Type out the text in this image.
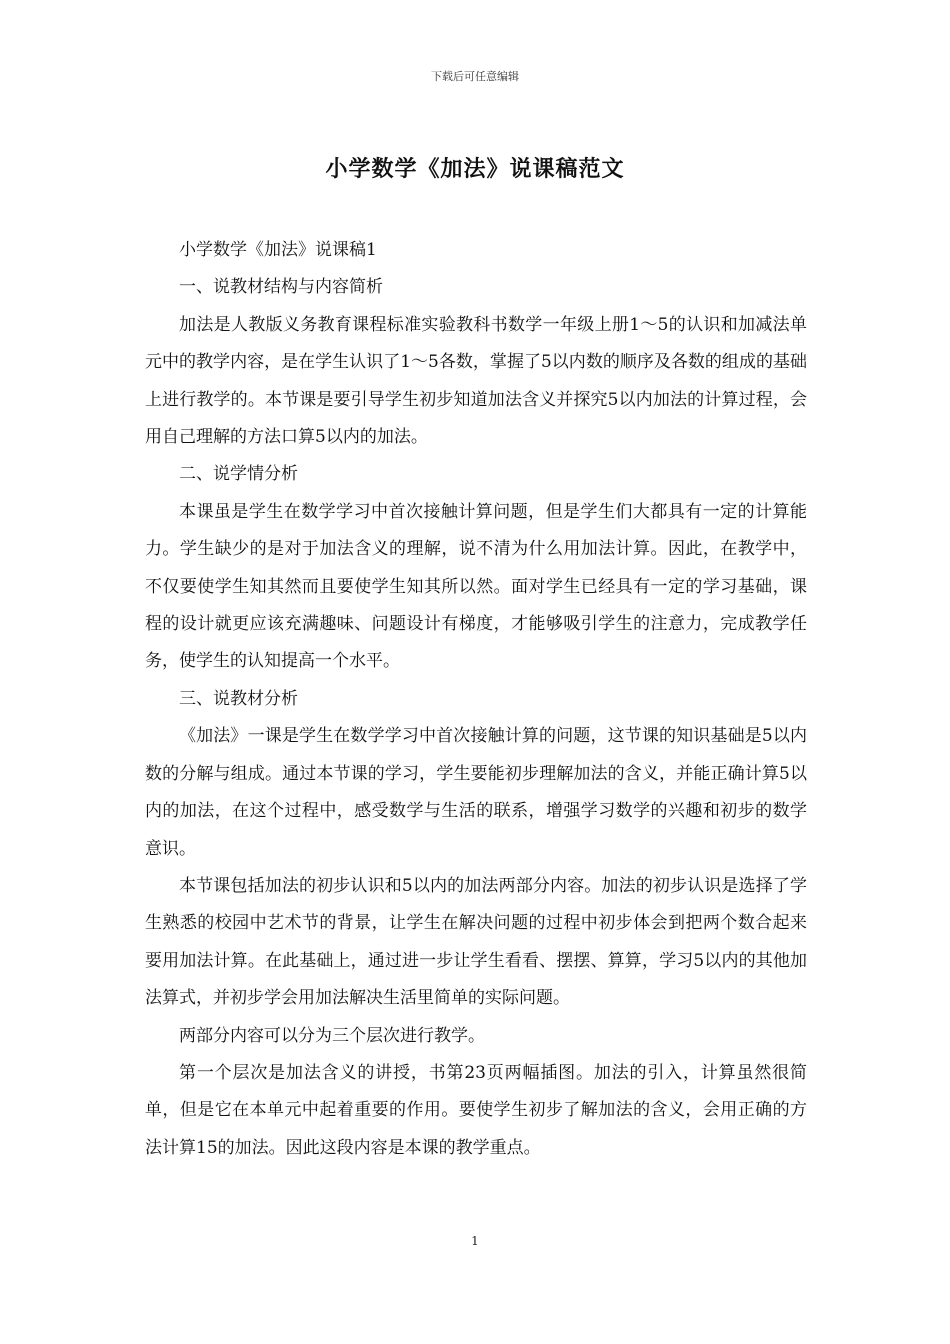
下载后可任意编辑
小学数学《加法》说课稿范文

小学数学《加法》说课稿1

一、说教材结构与内容简析

加法是人教版义务教育课程标准实验教科书数学一年级上册1～5的认识和加减法单元中的教学内容，是在学生认识了1～5各数，掌握了5以内数的顺序及各数的组成的基础上进行教学的。本节课是要引导学生初步知道加法含义并探究5以内加法的计算过程，会用自己理解的方法口算5以内的加法。

二、说学情分析

本课虽是学生在数学学习中首次接触计算问题，但是学生们大都具有一定的计算能力。学生缺少的是对于加法含义的理解，说不清为什么用加法计算。因此，在教学中，不仅要使学生知其然而且要使学生知其所以然。面对学生已经具有一定的学习基础，课程的设计就更应该充满趣味、问题设计有梯度，才能够吸引学生的注意力，完成教学任务，使学生的认知提高一个水平。

三、说教材分析

《加法》一课是学生在数学学习中首次接触计算的问题，这节课的知识基础是5以内数的分解与组成。通过本节课的学习，学生要能初步理解加法的含义，并能正确计算5以内的加法，在这个过程中，感受数学与生活的联系，增强学习数学的兴趣和初步的数学意识。

本节课包括加法的初步认识和5以内的加法两部分内容。加法的初步认识是选择了学生熟悉的校园中艺术节的背景，让学生在解决问题的过程中初步体会到把两个数合起来要用加法计算。在此基础上，通过进一步让学生看看、摆摆、算算，学习5以内的其他加法算式，并初步学会用加法解决生活里简单的实际问题。

两部分内容可以分为三个层次进行教学。

第一个层次是加法含义的讲授，书第23页两幅插图。加法的引入，计算虽然很简单，但是它在本单元中起着重要的作用。要使学生初步了解加法的含义，会用正确的方法计算15的加法。因此这段内容是本课的教学重点。

1
